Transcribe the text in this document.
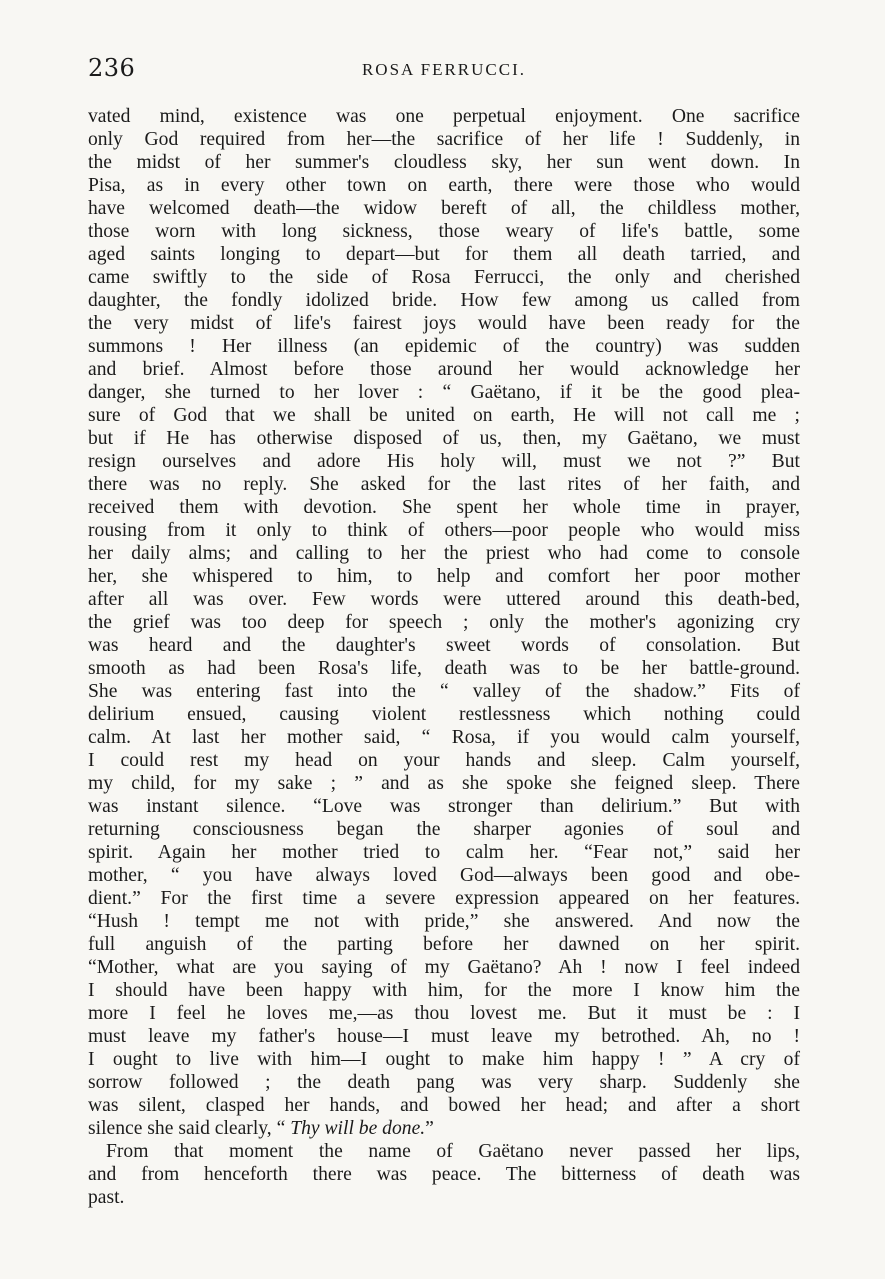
236	ROSA FERRUCCI.
vated mind, existence was one perpetual enjoyment. One sacrifice
only God required from her—the sacrifice of her life ! Suddenly, in
the midst of her summer's cloudless sky, her sun went down. In
Pisa, as in every other town on earth, there were those who would
have welcomed death—the widow bereft of all, the childless mother,
those worn with long sickness, those weary of life's battle, some
aged saints longing to depart—but for them all death tarried, and
came swiftly to the side of Rosa Ferrucci, the only and cherished
daughter, the fondly idolized bride. How few among us called from
the very midst of life's fairest joys would have been ready for the
summons ! Her illness (an epidemic of the country) was sudden
and brief. Almost before those around her would acknowledge her
danger, she turned to her lover : “ Gaëtano, if it be the good plea-
sure of God that we shall be united on earth, He will not call me ;
but if He has otherwise disposed of us, then, my Gaëtano, we must
resign ourselves and adore His holy will, must we not ?” But
there was no reply. She asked for the last rites of her faith, and
received them with devotion. She spent her whole time in prayer,
rousing from it only to think of others—poor people who would miss
her daily alms; and calling to her the priest who had come to console
her, she whispered to him, to help and comfort her poor mother
after all was over. Few words were uttered around this death-bed,
the grief was too deep for speech ; only the mother's agonizing cry
was heard and the daughter's sweet words of consolation. But
smooth as had been Rosa's life, death was to be her battle-ground.
She was entering fast into the “ valley of the shadow.” Fits of
delirium ensued, causing violent restlessness which nothing could
calm. At last her mother said, “ Rosa, if you would calm yourself,
I could rest my head on your hands and sleep. Calm yourself,
my child, for my sake ; ” and as she spoke she feigned sleep. There
was instant silence. “Love was stronger than delirium.” But with
returning consciousness began the sharper agonies of soul and
spirit. Again her mother tried to calm her. “Fear not,” said her
mother, “ you have always loved God—always been good and obe-
dient.” For the first time a severe expression appeared on her features.
“Hush ! tempt me not with pride,” she answered. And now the
full anguish of the parting before her dawned on her spirit.
“Mother, what are you saying of my Gaëtano? Ah ! now I feel indeed
I should have been happy with him, for the more I know him the
more I feel he loves me,—as thou lovest me. But it must be : I
must leave my father's house—I must leave my betrothed. Ah, no !
I ought to live with him—I ought to make him happy ! ” A cry of
sorrow followed ; the death pang was very sharp. Suddenly she
was silent, clasped her hands, and bowed her head; and after a short
silence she said clearly, “ Thy will be done.”
From that moment the name of Gaëtano never passed her lips,
and from henceforth there was peace. The bitterness of death was
past.
